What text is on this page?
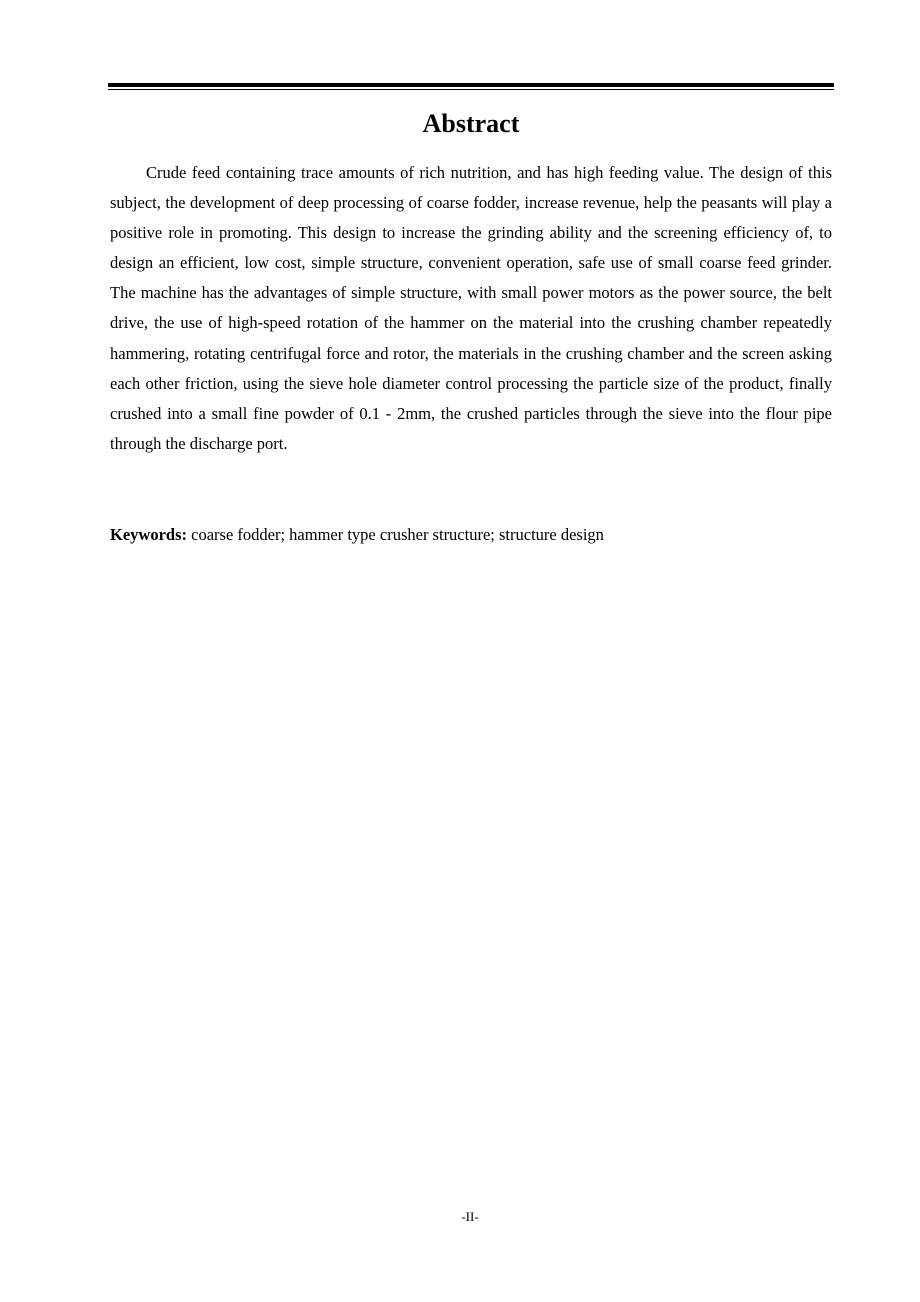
Abstract

Crude feed containing trace amounts of rich nutrition, and has high feeding value. The design of this subject, the development of deep processing of coarse fodder, increase revenue, help the peasants will play a positive role in promoting. This design to increase the grinding ability and the screening efficiency of, to design an efficient, low cost, simple structure, convenient operation, safe use of small coarse feed grinder. The machine has the advantages of simple structure, with small power motors as the power source, the belt drive, the use of high-speed rotation of the hammer on the material into the crushing chamber repeatedly hammering, rotating centrifugal force and rotor, the materials in the crushing chamber and the screen asking each other friction, using the sieve hole diameter control processing the particle size of the product, finally crushed into a small fine powder of 0.1 - 2mm, the crushed particles through the sieve into the flour pipe through the discharge port.

Keywords: coarse fodder; hammer type crusher structure; structure design

-II-
